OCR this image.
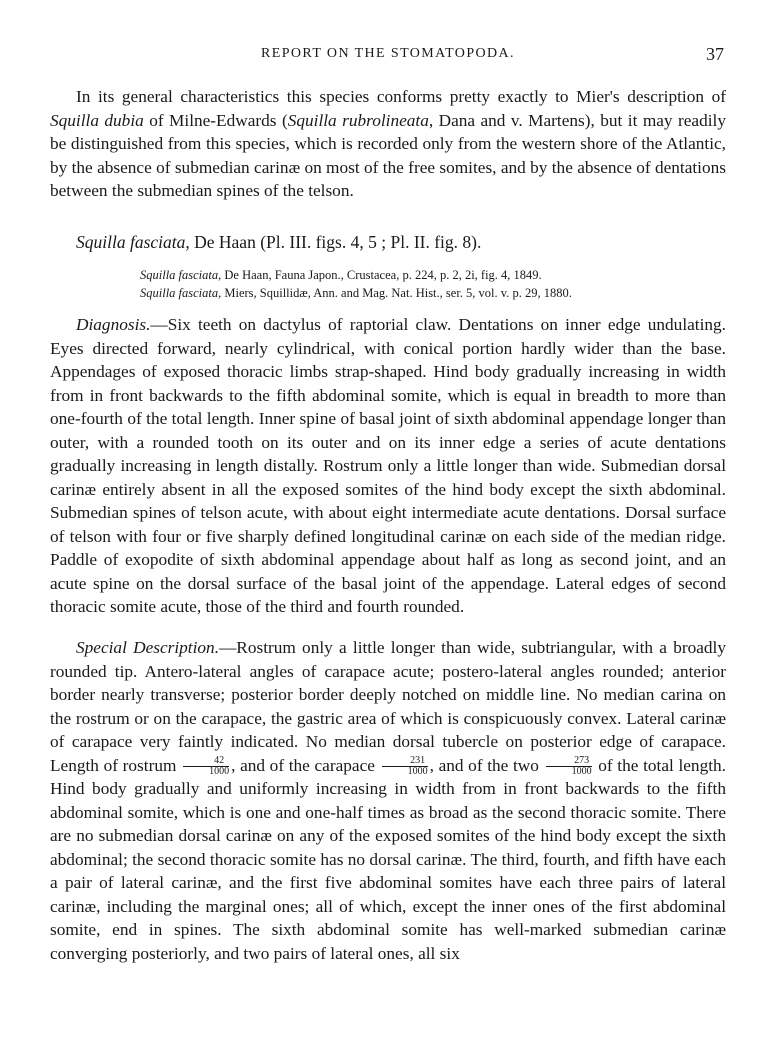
REPORT ON THE STOMATOPODA.	37

In its general characteristics this species conforms pretty exactly to Mier's description of Squilla dubia of Milne-Edwards (Squilla rubrolineata, Dana and v. Martens), but it may readily be distinguished from this species, which is recorded only from the western shore of the Atlantic, by the absence of submedian carinæ on most of the free somites, and by the absence of dentations between the submedian spines of the telson.

Squilla fasciata, De Haan (Pl. III. figs. 4, 5 ; Pl. II. fig. 8).
Squilla fasciata, De Haan, Fauna Japon., Crustacea, p. 224, p. 2, 2i, fig. 4, 1849.
Squilla fasciata, Miers, Squillidæ, Ann. and Mag. Nat. Hist., ser. 5, vol. v. p. 29, 1880.

Diagnosis.—Six teeth on dactylus of raptorial claw. Dentations on inner edge undulating. Eyes directed forward, nearly cylindrical, with conical portion hardly wider than the base. Appendages of exposed thoracic limbs strap-shaped. Hind body gradually increasing in width from in front backwards to the fifth abdominal somite, which is equal in breadth to more than one-fourth of the total length. Inner spine of basal joint of sixth abdominal appendage longer than outer, with a rounded tooth on its outer and on its inner edge a series of acute dentations gradually increasing in length distally. Rostrum only a little longer than wide. Submedian dorsal carinæ entirely absent in all the exposed somites of the hind body except the sixth abdominal. Submedian spines of telson acute, with about eight intermediate acute dentations. Dorsal surface of telson with four or five sharply defined longitudinal carinæ on each side of the median ridge. Paddle of exopodite of sixth abdominal appendage about half as long as second joint, and an acute spine on the dorsal surface of the basal joint of the appendage. Lateral edges of second thoracic somite acute, those of the third and fourth rounded.

Special Description.—Rostrum only a little longer than wide, subtriangular, with a broadly rounded tip. Antero-lateral angles of carapace acute; postero-lateral angles rounded; anterior border nearly transverse; posterior border deeply notched on middle line. No median carina on the rostrum or on the carapace, the gastric area of which is conspicuously convex. Lateral carinæ of carapace very faintly indicated. No median dorsal tubercle on posterior edge of carapace. Length of rostrum $\frac{42}{1000}$ , and of the carapace $\frac{231}{1000}$ , and of the two $\frac{273}{1000}$ of the total length. Hind body gradually and uniformly increasing in width from in front backwards to the fifth abdominal somite, which is one and one-half times as broad as the second thoracic somite. There are no submedian dorsal carinæ on any of the exposed somites of the hind body except the sixth abdominal; the second thoracic somite has no dorsal carinæ. The third, fourth, and fifth have each a pair of lateral carinæ, and the first five abdominal somites have each three pairs of lateral carinæ, including the marginal ones; all of which, except the inner ones of the first abdominal somite, end in spines. The sixth abdominal somite has well-marked submedian carinæ converging posteriorly, and two pairs of lateral ones, all six
